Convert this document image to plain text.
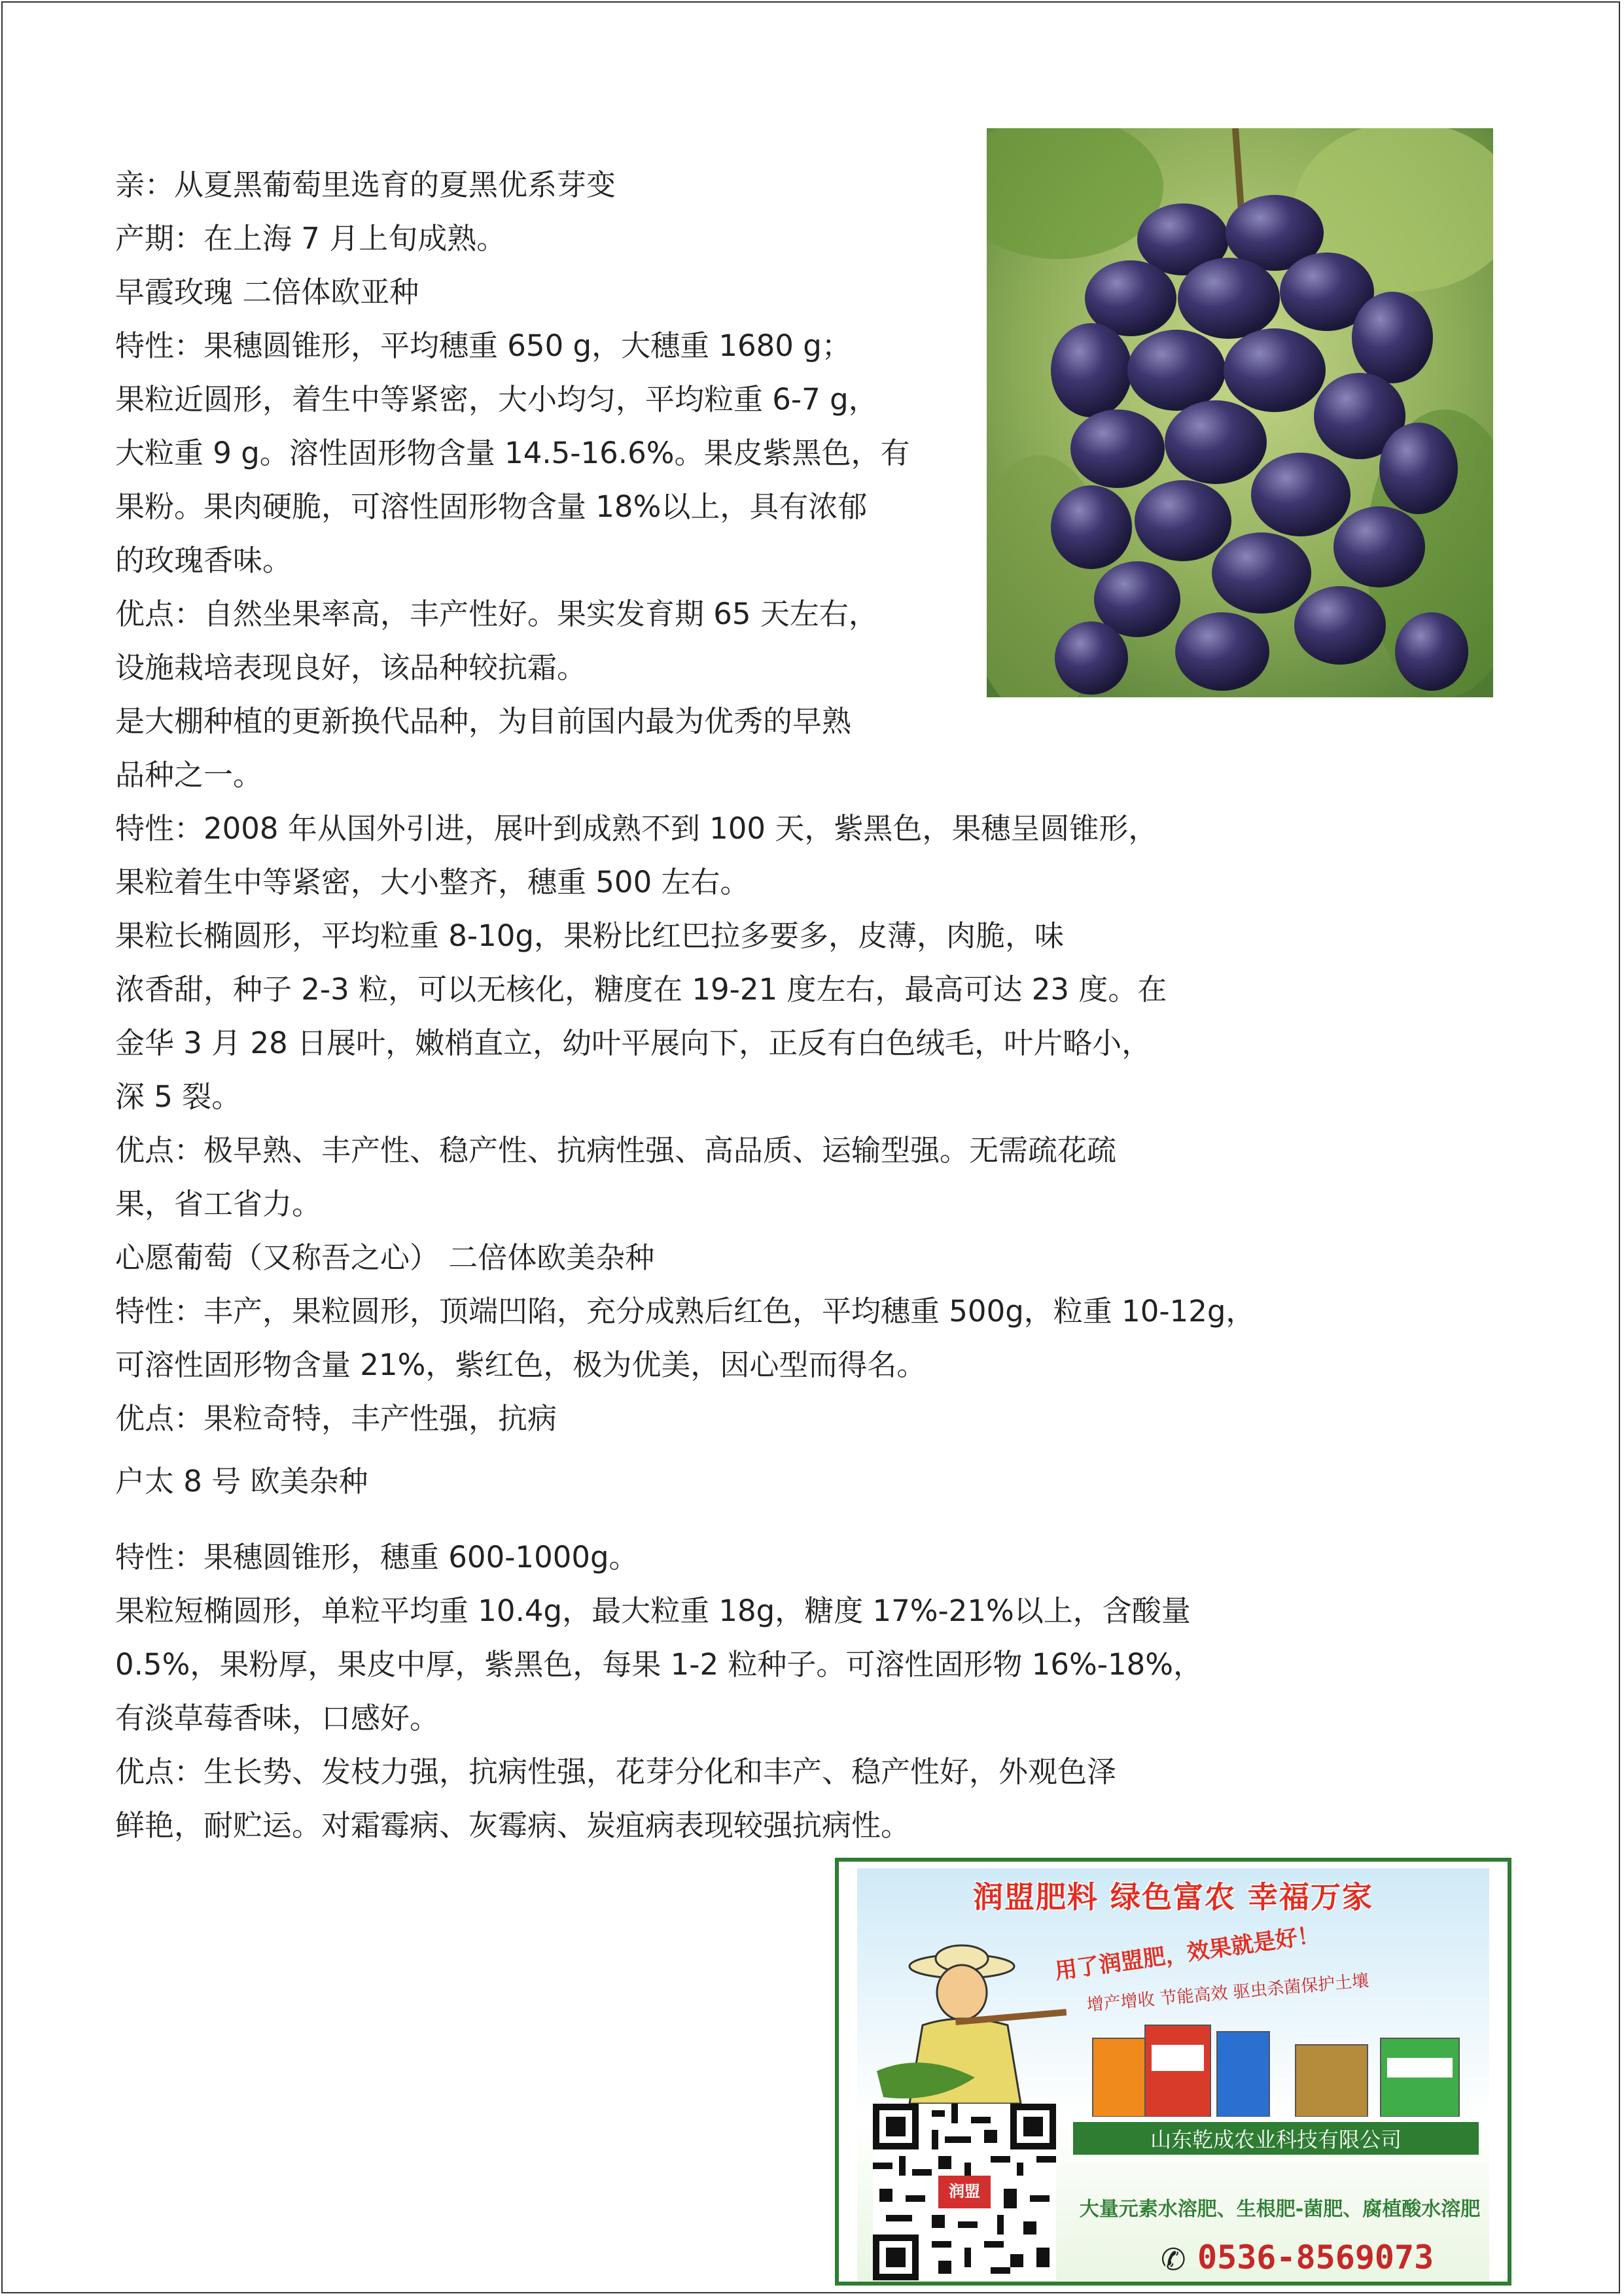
亲：从夏黑葡萄里选育的夏黑优系芽变
产期：在上海 7 月上旬成熟。
早霞玫瑰 二倍体欧亚种
特性：果穗圆锥形，平均穗重 650 g，大穗重 1680 g；
果粒近圆形，着生中等紧密，大小均匀，平均粒重 6-7 g，
大粒重 9 g。溶性固形物含量 14.5-16.6%。果皮紫黑色，有
果粉。果肉硬脆，可溶性固形物含量 18%以上，具有浓郁
的玫瑰香味。
优点：自然坐果率高，丰产性好。果实发育期 65 天左右，
设施栽培表现良好，该品种较抗霜。
是大棚种植的更新换代品种，为目前国内最为优秀的早熟
品种之一。
特性：2008 年从国外引进，展叶到成熟不到 100 天，紫黑色，果穗呈圆锥形，
果粒着生中等紧密，大小整齐，穗重 500 左右。
果粒长椭圆形，平均粒重 8-10g，果粉比红巴拉多要多，皮薄，肉脆，味
浓香甜，种子 2-3 粒，可以无核化，糖度在 19-21 度左右，最高可达 23 度。在
金华 3 月 28 日展叶，嫩梢直立，幼叶平展向下，正反有白色绒毛，叶片略小，
深 5 裂。
优点：极早熟、丰产性、稳产性、抗病性强、高品质、运输型强。无需疏花疏
果，省工省力。
心愿葡萄（又称吾之心） 二倍体欧美杂种
特性：丰产，果粒圆形，顶端凹陷，充分成熟后红色，平均穗重 500g，粒重 10-12g，
可溶性固形物含量 21%，紫红色，极为优美，因心型而得名。
优点：果粒奇特，丰产性强，抗病
户太 8 号 欧美杂种
特性：果穗圆锥形，穗重 600-1000g。
果粒短椭圆形，单粒平均重 10.4g，最大粒重 18g，糖度 17%-21%以上，含酸量
0.5%，果粉厚，果皮中厚，紫黑色，每果 1-2 粒种子。可溶性固形物 16%-18%，
有淡草莓香味，口感好。
优点：生长势、发枝力强，抗病性强，花芽分化和丰产、稳产性好，外观色泽
鲜艳，耐贮运。对霜霉病、灰霉病、炭疽病表现较强抗病性。
润盟肥料 绿色富农 幸福万家
用了润盟肥，效果就是好！
增产增收 节能高效 驱虫杀菌保护土壤
山东乾成农业科技有限公司
润盟
大量元素水溶肥、生根肥-菌肥、腐植酸水溶肥
✆ 0536-8569073
